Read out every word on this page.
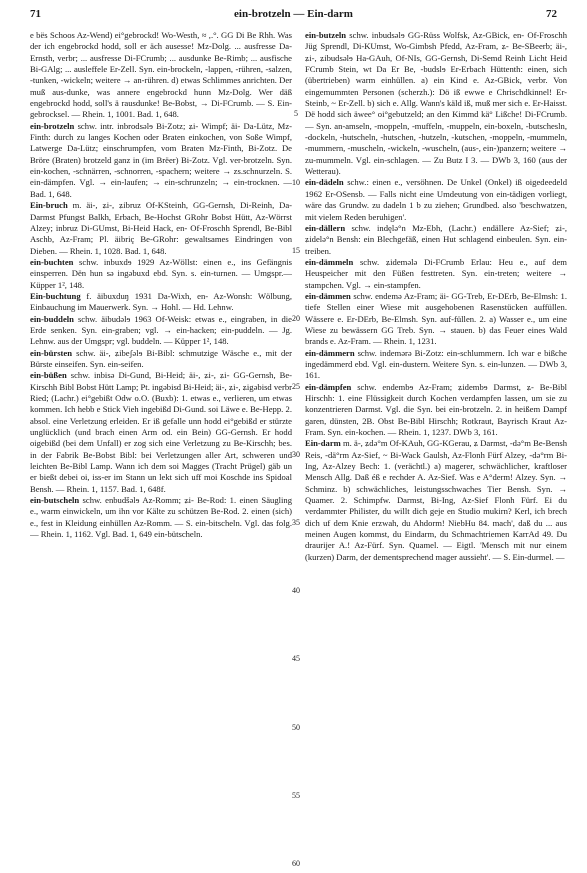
71	ein-brotzeln — Ein-darm	72

e bës Schoos Az-Wend) ei°gebrockd! Wo-Westh, ≈ ,.°. GG Di Be Rhh. Was der ich engebrockd hodd, soll er äch ausesse! Mz-Dolg. ... ausfresse Da-Ernsth, verbr; ... ausfresse Di-FCrumb; ... ausdunke Be-Rimb; ... ausfische Bi-GAlg; ... ausleffele Er-Zell. Syn. ein-brockeln, -lappen, -rühren, -salzen, -tunken, -wickeln; weitere → an-rühren. d) etwas Schlimmes anrichten. Der muß aus-dunke, was annere engebrockd hunn Mz-Dolg. Wer däß engebrockd hodd, soll's ä rausdunke! Be-Bobst, → Di-FCrumb. — S. Ein-gebrocksel. — Rhein. 1, 1001. Bad. 1, 648.

ein-brotzeln schw. intr. inbrodsəlɘ Bi-Zotz; ʑi- Wimpf; äi- Da-Lütz, Mz-Finth: durch zu langes Kochen oder Braten einkochen, von Soße Wimpf, Latwerge Da-Lütz; einschrumpfen, vom Braten Mz-Finth, Bi-Zotz. De Bröre (Braten) brotzeld ganz in (im Brëer) Bi-Zotz. Vgl. ver-brotzeln. Syn. ein-kochen, -schnärren, -schnorren, -spachern; weitere → zs.schnurzeln. S. ein-dämpfen. Vgl. → ein-laufen; → ein-schrunzeln; → ein-trocknen. — Bad. 1, 648.

Ein-bruch m. äi-, ʑi-, ʑibruz Of-KSteinh, GG-Gernsh, Di-Reinh, Da-Darmst Pfungst Balkh, Erbach, Be-Hochst GRohr Bobst Hütt, Az-Wörrst Alzey; inbruz Di-GUmst, Bi-Heid Hack, en- Of-Froschh Sprendl, Be-Bibl Aschb, Az-Fram; Pl. äibriç Be-GRohr: gewaltsames Eindringen von Dieben. — Rhein. 1, 1028. Bad. 1, 648.

ein-buchten schw. inbuxdɘ 1929 Az-Wöllst: einen e., ins Gefängnis einsperren. Dën hun sə ingəbuxd ebd. Syn. s. ein-turnen. — Umgspr.— Küpper 1², 148.

Ein-buchtung f. äibuxduŋ 1931 Da-Wixh, en- Az-Wonsh: Wölbung, Einbauchung im Mauerwerk. Syn. → Hohl. — Hd. Lehnw.

ein-buddeln schw. äibudəlɘ 1963 Of-Weisk: etwas e., eingraben, in die Erde senken. Syn. ein-graben; vgl. → ein-hacken; ein-puddeln. — Jg. Lehnw. aus der Umgspr; vgl. buddeln. — Küpper 1², 148.

ein-bürsten schw. äi-, ʑibeʃəlɘ Bi-Bibl: schmutzige Wäsche e., mit der Bürste einseifen. Syn. ein-seifen.

ein-büßen schw. inbisə Di-Gund, Bi-Heid; äi-, ʑi-, ʑi- GG-Gernsh, Be-Kirschh Bibl Bobst Hütt Lamp; Pt. ingəbisd Bi-Heid; äi-, ʑi-, ʑigəbisd verbr Ried; (Lachr.) ei°gebißt Odw o.O. (Buxb): 1. etwas e., verlieren, um etwas kommen. Ich hebb e Stick Vieh ingebißd Di-Gund. soi Läwe e. Be-Hepp. 2. absol. eine Verletzung erleiden. Er iß gefalle unn hodd ei°gebißd er stürzte unglücklich (und brach einen Arm od. ein Bein) GG-Gernsh. Er hodd oigebißd (bei dem Unfall) er zog sich eine Verletzung zu Be-Kirschh; bes. in der Fabrik Be-Bobst Bibl: bei Verletzungen aller Art, schweren und leichten Be-Bibl Lamp. Wann ich dem soi Magges (Tracht Prügel) gäb un er bießt debei oi, iss-er im Stann un lekt sich uff moi Koschde ins Spidoal Bensh. — Rhein. 1, 1157. Bad. 1, 648f.

ein-butscheln schw. enbudšəlɘ Az-Romm; ʑi- Be-Rod: 1. einen Säugling e., warm einwickeln, um ihn vor Kälte zu schützen Be-Rod. 2. einen (sich) e., fest in Kleidung einhüllen Az-Romm. — S. ein-bitscheln. Vgl. das folg. — Rhein. 1, 1162. Vgl. Bad. 1, 649 ein-bütscheln.

5
10
15
20
25
30
35
40
45
50
55
60

ein-butzeln schw. inbudsəlɘ GG-Rüss Wolfsk, Az-GBick, en- Of-Froschh Jüg Sprendl, Di-KUmst, Wo-Gimbsh Pfedd, Az-Fram, ʑ- Be-SBeerb; äi-, ʑi-, ʑibudsəlɘ Ha-GAuh, Of-NIs, GG-Gernsh, Di-Semd Reinh Licht Heid FCrumb Stein, wt Da Er Be, -budslɘ Er-Erbach Hüttenth: einen, sich (übertrieben) warm einhüllen. a) ein Kind e. Az-GBick, verbr. Von eingemummten Personen (scherzh.): Dö iß ewwe e Chrischdkinnel! Er-Steinb, ~ Er-Zell. b) sich e. Allg. Wann's käld iß, muß mer sich e. Er-Haisst. Dë hodd sich äwee° oi°gebutzeld; an den Kimmd kä° Lißche! Di-FCrumb. — Syn. an-amseln, -moppeln, -muffeln, -muppeln, ein-boxeln, -butschesln, -dockeln, -hutscheln, -hutschen, -hutzeln, -kutschen, -moppeln, -mummeln, -mummern, -muscheln, -wickeln, -wuscheln, (aus-, ein-)panzern; weitere → zu-mummeln. Vgl. ein-schlagen. — Zu Butz I 3. — DWb 3, 160 (aus der Wetterau).

ein-dädeln schw.: einen e., versöhnen. De Unkel (Onkel) iß oigedeedeld 1962 Er-OSensb. — Falls nicht eine Umdeutung von ein-tädigen vorliegt, wäre das Grundw. zu dadeln 1 b zu ziehen; Grundbed. also 'beschwatzen, mit vielem Reden beruhigen'.

ein-dällern schw. indęlə°n Mz-Ebh, (Lachr.) endällere Az-Sief; ʑi-, ʑidelə°n Bensh: ein Blechgefäß, einen Hut schlagend einbeulen. Syn. ein-treiben.

ein-dämmeln schw. ʑidemələ Di-FCrumb Erlau: Heu e., auf dem Heuspeicher mit den Füßen festtreten. Syn. ein-treten; weitere → stampchen. Vgl. → ein-stampfen.

ein-dämmen schw. endemə Az-Fram; äi- GG-Treb, Er-DErb, Be-Elmsh: 1. tiefe Stellen einer Wiese mit ausgehobenen Rasenstücken auffüllen. Wässere e. Er-DErb, Be-Elmsh. Syn. auf-füllen. 2. a) Wasser e., um eine Wiese zu bewässern GG Treb. Syn. → stauen. b) das Feuer eines Wald brands e. Az-Fram. — Rhein. 1, 1231.

ein-dämmern schw. indemərə Bi-Zotz: ein-schlummern. Ich war e bißche ingedämmerd ebd. Vgl. ein-dustern. Weitere Syn. s. ein-lunzen. — DWb 3, 161.

ein-dämpfen schw. endembɘ Az-Fram; ʑidembɘ Darmst, ʑ- Be-Bibl Hirschh: 1. eine Flüssigkeit durch Kochen verdampfen lassen, um sie zu konzentrieren Darmst. Vgl. die Syn. bei ein-brotzeln. 2. in heißem Dampf garen, dünsten, 2B. Obst Be-Bibl Hirschh; Rotkraut, Bayrisch Kraut Az-Fram. Syn. ein-kochen. — Rhein. 1, 1237. DWb 3, 161.

Ein-darm m. ä-, ʑdə°m Of-KAuh, GG-KGerau, ʑ Darmst, -də°m Be-Bensh Reis, -dä°rm Az-Sief, ~ Bi-Wack Gaulsh, Az-Flonh Fürf Alzey, -də°rm Bi-Ing, Az-Alzey Bech: 1. (verächtl.) a) magerer, schwächlicher, kraftloser Mensch Allg. Daß éß e rechder A. Az-Sief. Was e A°derm! Alzey. Syn. → Schminz. b) schwächliches, leistungsschwaches Tier Bensh. Syn. → Quamer. 2. Schimpfw. Darmst, Bi-Ing, Az-Sief Flonh Fürf. Ei du verdammter Philister, du willt dich geje en Studio mukirn? Kerl, ich brech dich uf dem Knie erzwah, du Ahdorm! NiebHu 84. mach', daß du ... aus meinen Augen kommst, du Eindarm, du Schmachtriemen KarrAd 49. Du draurijer A.! Az-Fürf. Syn. Quamel. — Eigtl. 'Mensch mit nur einem (kurzen) Darm, der dementsprechend mager aussieht'. — S. Ein-durmel. —
